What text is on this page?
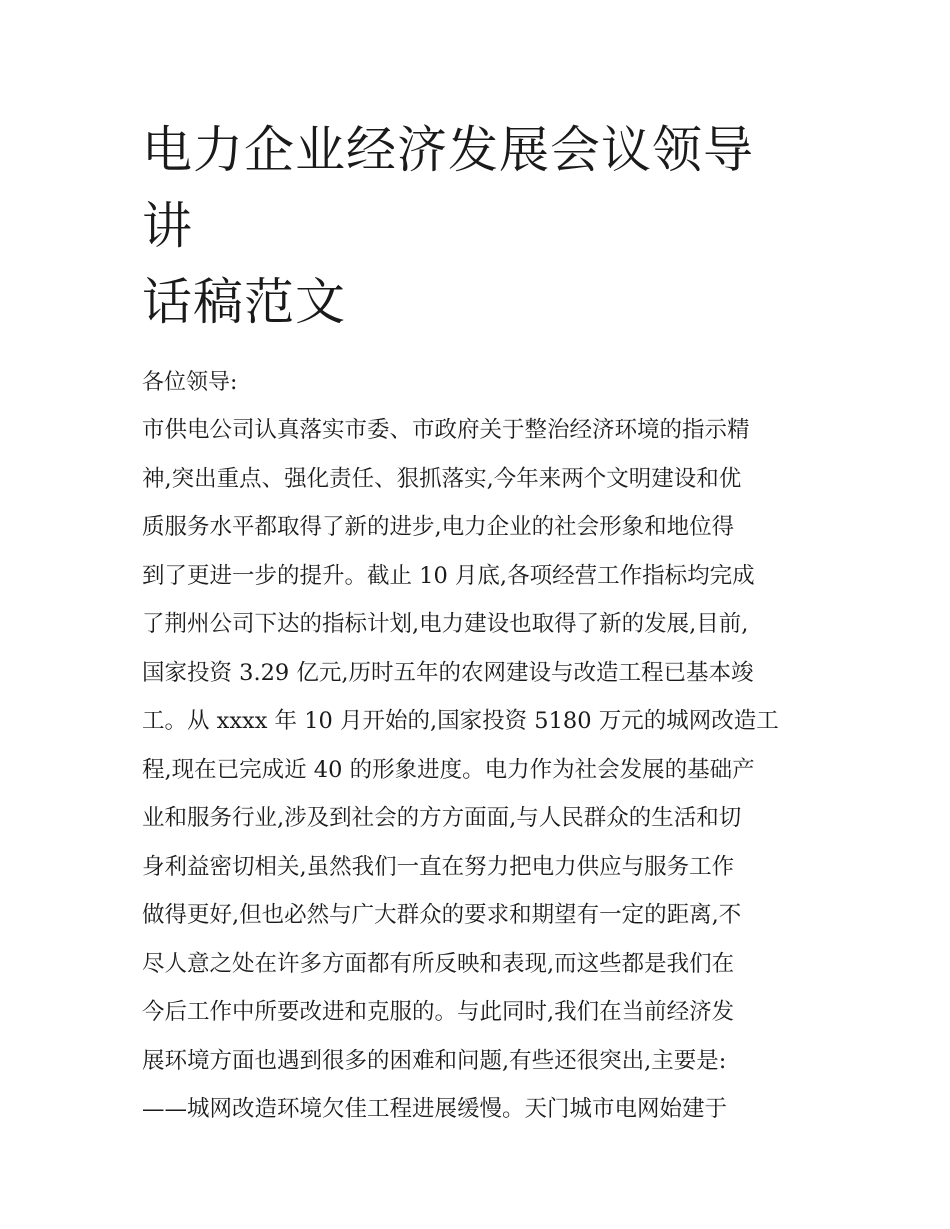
电力企业经济发展会议领导讲
话稿范文
各位领导:
市供电公司认真落实市委、市政府关于整治经济环境的指示精
神,突出重点、强化责任、狠抓落实,今年来两个文明建设和优
质服务水平都取得了新的进步,电力企业的社会形象和地位得
到了更进一步的提升。截止 10 月底,各项经营工作指标均完成
了荆州公司下达的指标计划,电力建设也取得了新的发展,目前,
国家投资 3.29 亿元,历时五年的农网建设与改造工程已基本竣
工。从 xxxx 年 10 月开始的,国家投资 5180 万元的城网改造工
程,现在已完成近 40 的形象进度。电力作为社会发展的基础产
业和服务行业,涉及到社会的方方面面,与人民群众的生活和切
身利益密切相关,虽然我们一直在努力把电力供应与服务工作
做得更好,但也必然与广大群众的要求和期望有一定的距离,不
尽人意之处在许多方面都有所反映和表现,而这些都是我们在
今后工作中所要改进和克服的。与此同时,我们在当前经济发
展环境方面也遇到很多的困难和问题,有些还很突出,主要是:
——城网改造环境欠佳工程进展缓慢。天门城市电网始建于
